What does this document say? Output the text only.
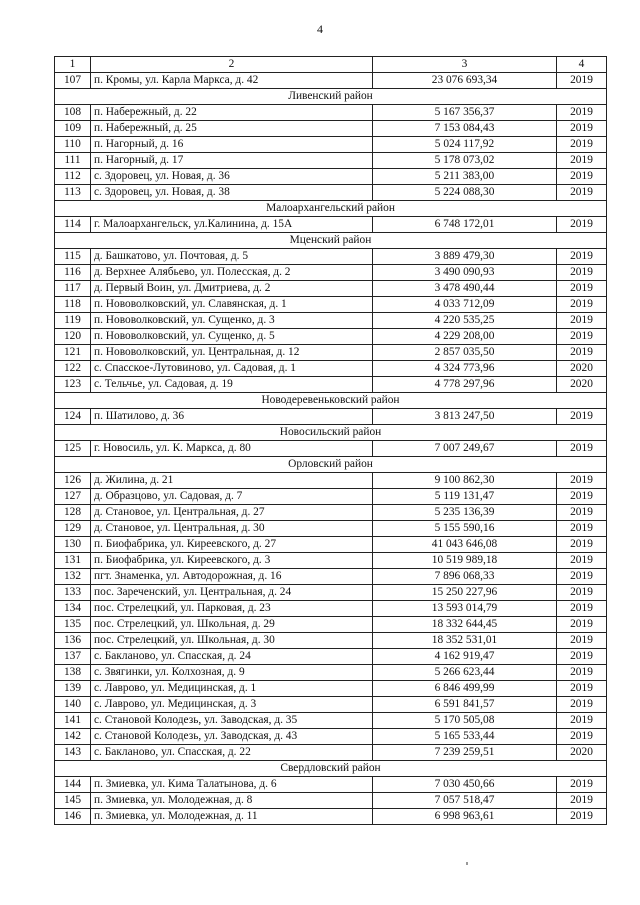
4
1	2	3	4
107	п. Кромы, ул. Карла Маркса, д. 42	23 076 693,34	2019
Ливенский район			
108	п. Набережный, д. 22	5 167 356,37	2019
109	п. Набережный, д. 25	7 153 084,43	2019
110	п. Нагорный, д. 16	5 024 117,92	2019
111	п. Нагорный, д. 17	5 178 073,02	2019
112	с. Здоровец, ул. Новая, д. 36	5 211 383,00	2019
113	с. Здоровец, ул. Новая, д. 38	5 224 088,30	2019
Малоархангельский район			
114	г. Малоархангельск, ул.Калинина, д. 15А	6 748 172,01	2019
Мценский район			
115	д. Башкатово, ул. Почтовая, д. 5	3 889 479,30	2019
116	д. Верхнее Алябьево, ул. Полесская, д. 2	3 490 090,93	2019
117	д. Первый Воин, ул. Дмитриева, д. 2	3 478 490,44	2019
118	п. Нововолковский, ул. Славянская, д. 1	4 033 712,09	2019
119	п. Нововолковский, ул. Сущенко, д. 3	4 220 535,25	2019
120	п. Нововолковский, ул. Сущенко, д. 5	4 229 208,00	2019
121	п. Нововолковский, ул. Центральная, д. 12	2 857 035,50	2019
122	с. Спасское-Лутовиново, ул. Садовая, д. 1	4 324 773,96	2020
123	с. Тельчье, ул. Садовая, д. 19	4 778 297,96	2020
Новодеревеньковский район			
124	п. Шатилово, д. 36	3 813 247,50	2019
Новосильский район			
125	г. Новосиль, ул. К. Маркса, д. 80	7 007 249,67	2019
Орловский район			
126	д. Жилина, д. 21	9 100 862,30	2019
127	д. Образцово, ул. Садовая, д. 7	5 119 131,47	2019
128	д. Становое, ул. Центральная, д. 27	5 235 136,39	2019
129	д. Становое, ул. Центральная, д. 30	5 155 590,16	2019
130	п. Биофабрика, ул. Киреевского, д. 27	41 043 646,08	2019
131	п. Биофабрика, ул. Киреевского, д. 3	10 519 989,18	2019
132	пгт. Знаменка, ул. Автодорожная, д. 16	7 896 068,33	2019
133	пос. Зареченский, ул. Центральная, д. 24	15 250 227,96	2019
134	пос. Стрелецкий, ул. Парковая, д. 23	13 593 014,79	2019
135	пос. Стрелецкий, ул. Школьная, д. 29	18 332 644,45	2019
136	пос. Стрелецкий, ул. Школьная, д. 30	18 352 531,01	2019
137	с. Бакланово, ул. Спасская, д. 24	4 162 919,47	2019
138	с. Звягинки, ул. Колхозная, д. 9	5 266 623,44	2019
139	с. Лаврово, ул. Медицинская, д. 1	6 846 499,99	2019
140	с. Лаврово, ул. Медицинская, д. 3	6 591 841,57	2019
141	с. Становой Колодезь, ул. Заводская, д. 35	5 170 505,08	2019
142	с. Становой Колодезь, ул. Заводская, д. 43	5 165 533,44	2019
143	с. Бакланово, ул. Спасская, д. 22	7 239 259,51	2020
Свердловский район			
144	п. Змиевка, ул. Кима Талатынова, д. 6	7 030 450,66	2019
145	п. Змиевка, ул. Молодежная, д. 8	7 057 518,47	2019
146	п. Змиевка, ул. Молодежная, д. 11	6 998 963,61	2019
